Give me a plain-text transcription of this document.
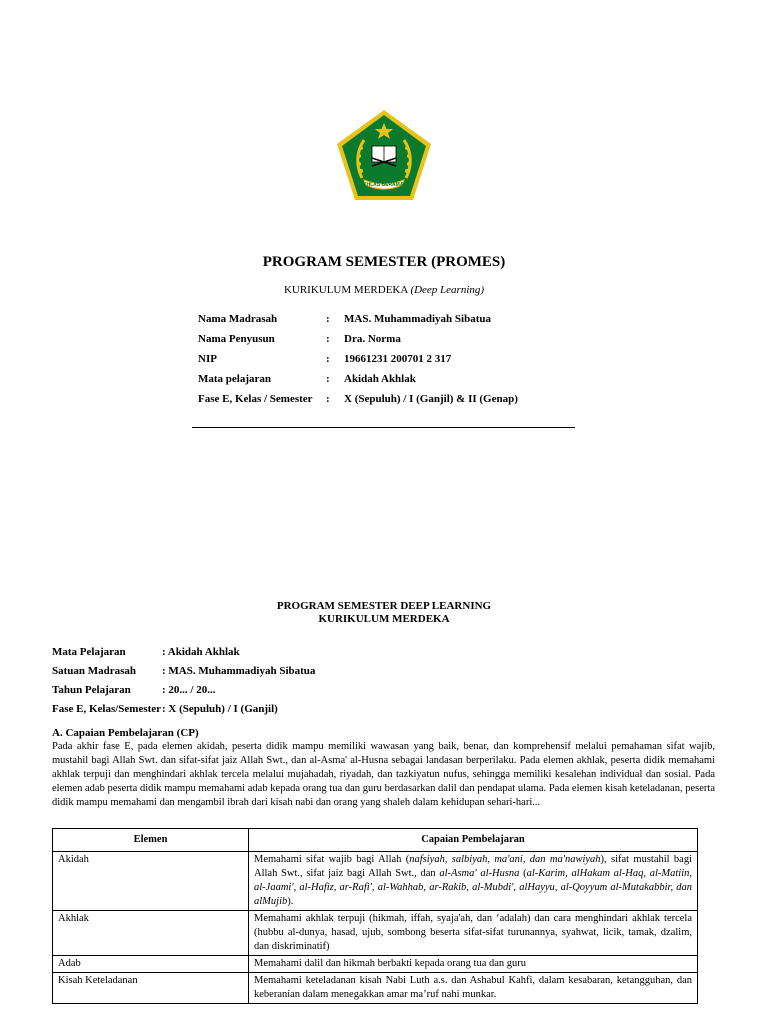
IKHLAS BERAMAL
PROGRAM SEMESTER (PROMES)
KURIKULUM MERDEKA (Deep Learning)
Nama Madrasah	:	MAS. Muhammadiyah Sibatua
Nama Penyusun	:	Dra. Norma
NIP	:	19661231 200701 2 317
Mata pelajaran	:	Akidah Akhlak
Fase E, Kelas / Semester	:	X (Sepuluh) / I (Ganjil) & II (Genap)
PROGRAM SEMESTER DEEP LEARNING
KURIKULUM MERDEKA
Mata Pelajaran	: Akidah Akhlak
Satuan Madrasah	: MAS. Muhammadiyah Sibatua
Tahun Pelajaran	: 20... / 20...
Fase E, Kelas/Semester : X (Sepuluh) / I (Ganjil)
A. Capaian Pembelajaran (CP)
Pada akhir fase E, pada elemen akidah, peserta didik mampu memiliki wawasan yang baik, benar, dan komprehensif melalui pemahaman sifat wajib, mustahil bagi Allah Swt. dan sifat-sifat jaiz Allah Swt., dan al-Asma' al-Husna sebagai landasan berperilaku. Pada elemen akhlak, peserta didik memahami akhlak terpuji dan menghindari akhlak tercela melalui mujahadah, riyadah, dan tazkiyatun nufus, sehingga memiliki kesalehan individual dan sosial. Pada elemen adab peserta didik mampu memahami adab kepada orang tua dan guru berdasarkan dalil dan pendapat ulama. Pada elemen kisah keteladanan, peserta didik mampu memahami dan mengambil ibrah dari kisah nabi dan orang yang shaleh dalam kehidupan sehari-hari...
Elemen	Capaian Pembelajaran
Akidah	Memahami sifat wajib bagi Allah (nafsiyah, salbiyah, ma'ani, dan ma'nawiyah), sifat mustahil bagi Allah Swt., sifat jaiz bagi Allah Swt., dan al-Asma' al-Husna (al-Karim, alHakam al-Haq, al-Matiin, al-Jaami', al-Hafiz, ar-Rafi', al-Wahhab, ar-Rakib, al-Mubdi', alHayyu, al-Qoyyum al-Mutakabbir, dan alMujib).
Akhlak	Memahami akhlak terpuji (hikmah, iffah, syaja'ah, dan ‘adalah) dan cara menghindari akhlak tercela (hubbu al-dunya, hasad, ujub, sombong beserta sifat-sifat turunannya, syahwat, licik, tamak, dzalim, dan diskriminatif)
Adab	Memahami dalil dan hikmah berbakti kepada orang tua dan guru
Kisah Keteladanan	Memahami keteladanan kisah Nabi Luth a.s. dan Ashabul Kahfi, dalam kesabaran, ketangguhan, dan keberanian dalam menegakkan amar ma’ruf nahi munkar.
